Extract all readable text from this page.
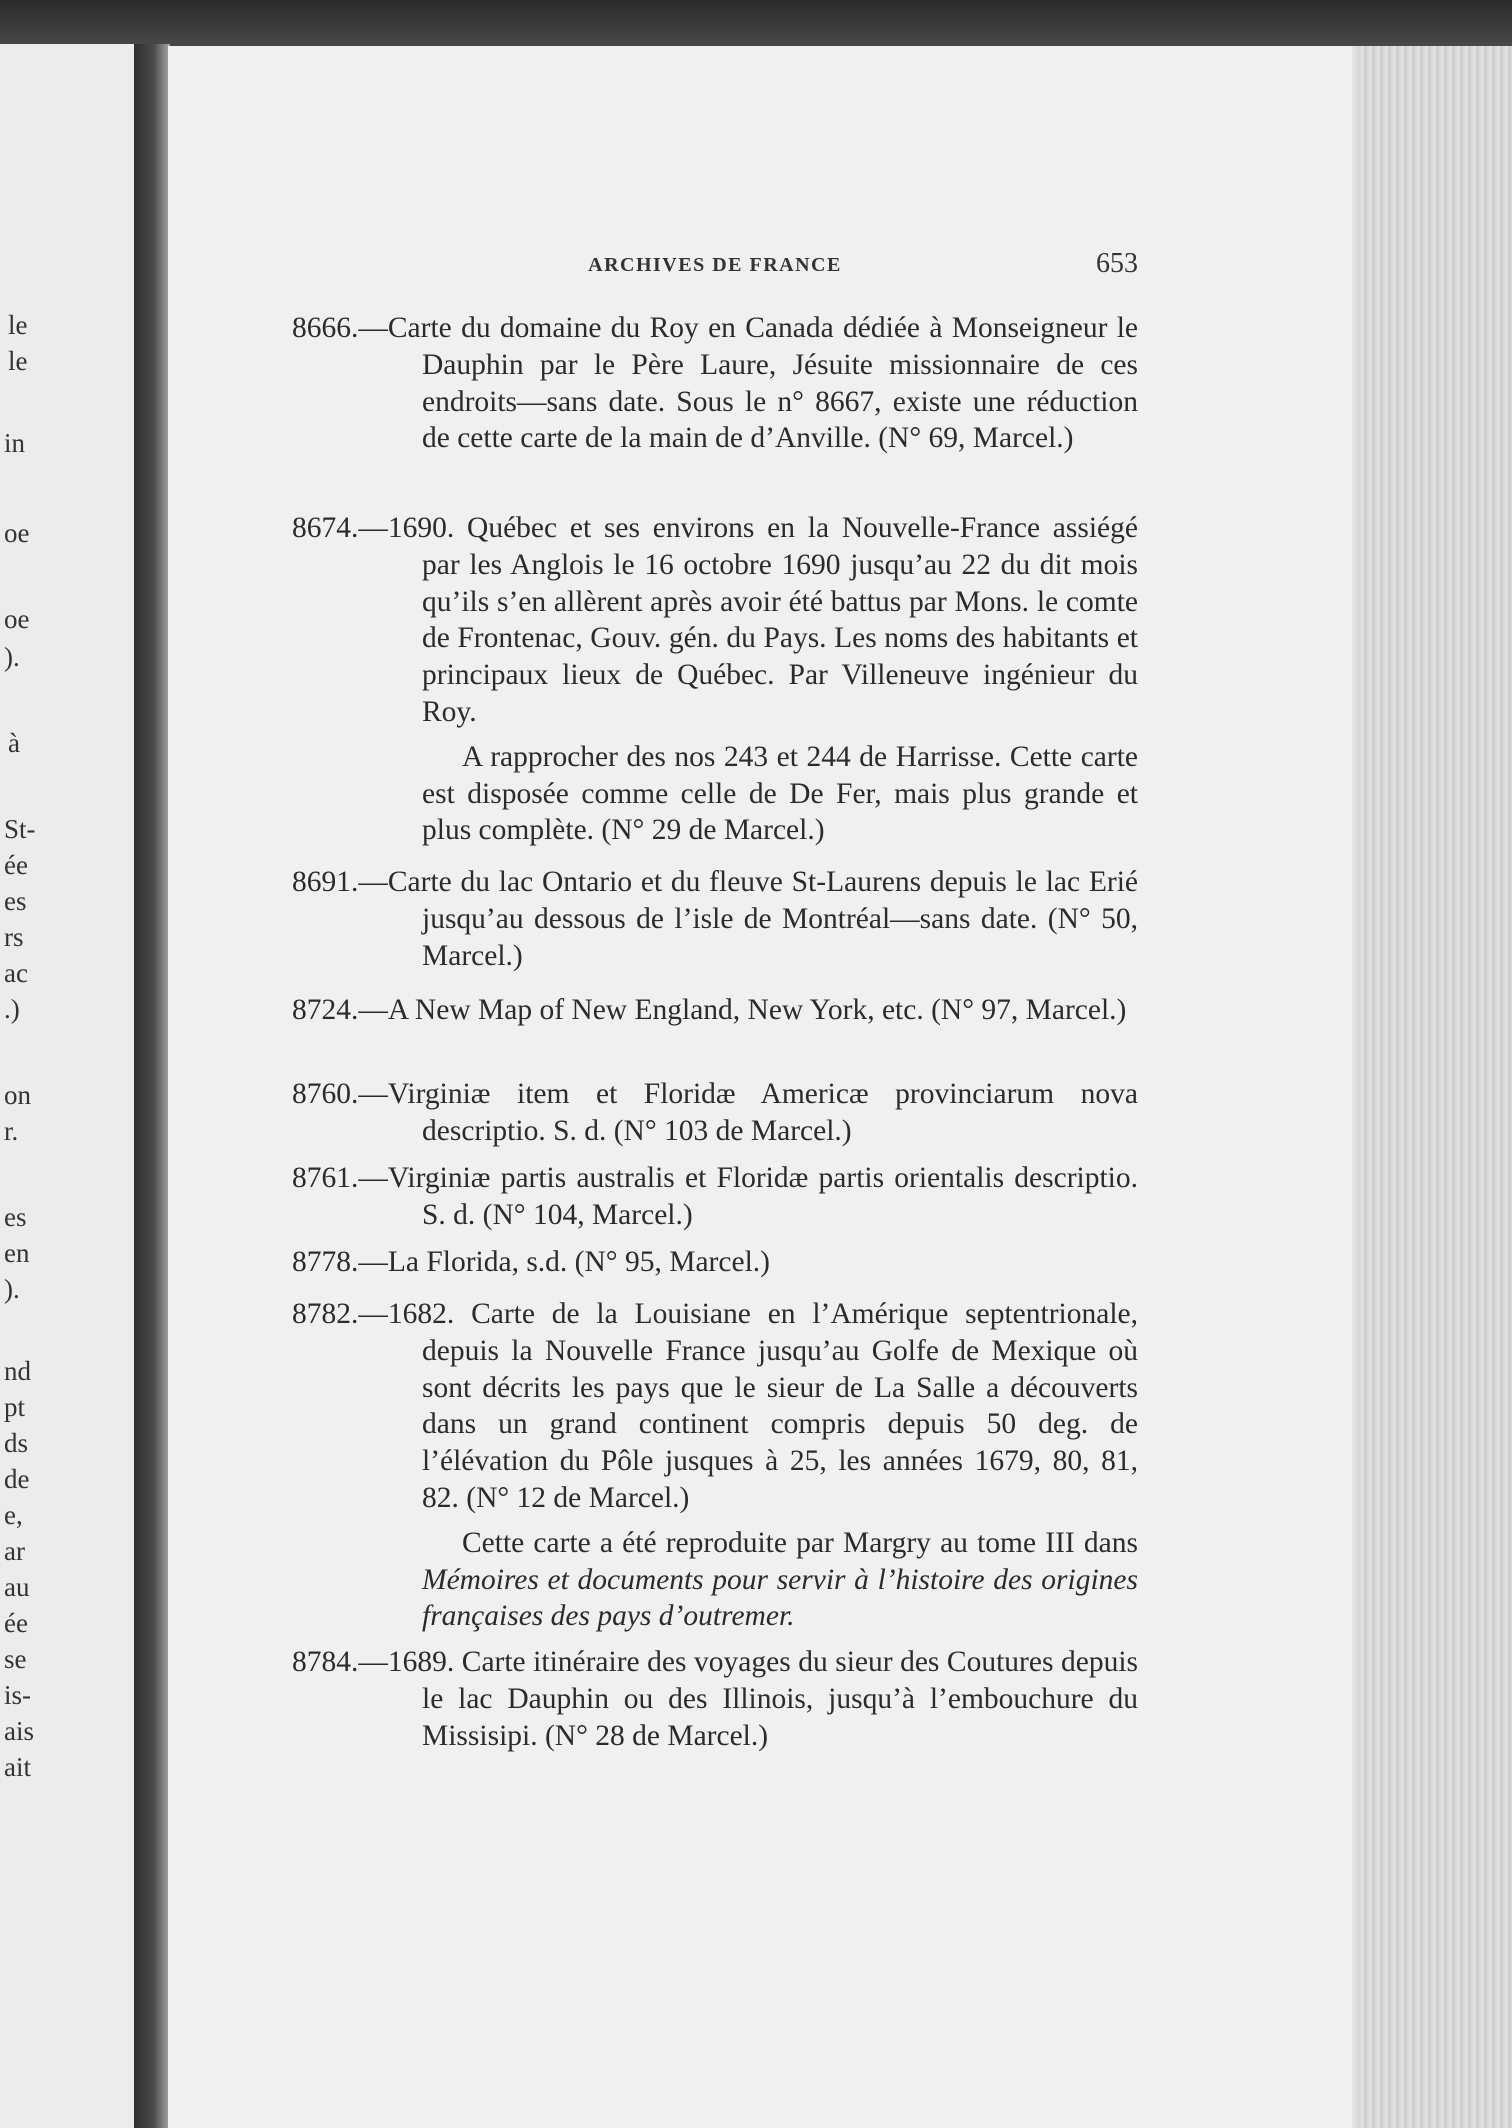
le
le
in
oe
oe
).
à
St-
ée
es
rs
ac
.)
on
r.
es
en
).
nd
pt
ds
de
e,
ar
au
ée
se
is-
ais
ait
ARCHIVES DE FRANCE	653

8666.—Carte du domaine du Roy en Canada dédiée à Monseigneur le Dauphin par le Père Laure, Jésuite missionnaire de ces endroits—sans date. Sous le n° 8667, existe une réduction de cette carte de la main de d’Anville. (N° 69, Marcel.)

8674.—1690. Québec et ses environs en la Nouvelle-France assiégé par les Anglois le 16 octobre 1690 jusqu’au 22 du dit mois qu’ils s’en allèrent après avoir été battus par Mons. le comte de Frontenac, Gouv. gén. du Pays. Les noms des habitants et principaux lieux de Québec. Par Villeneuve ingénieur du Roy.

A rapprocher des nos 243 et 244 de Harrisse. Cette carte est disposée comme celle de De Fer, mais plus grande et plus complète. (N° 29 de Marcel.)

8691.—Carte du lac Ontario et du fleuve St-Laurens depuis le lac Erié jusqu’au dessous de l’isle de Montréal—sans date. (N° 50, Marcel.)

8724.—A New Map of New England, New York, etc. (N° 97, Marcel.)

8760.—Virginiæ item et Floridæ Americæ provinciarum nova descriptio. S. d. (N° 103 de Marcel.)

8761.—Virginiæ partis australis et Floridæ partis orientalis descriptio. S. d. (N° 104, Marcel.)

8778.—La Florida, s.d. (N° 95, Marcel.)

8782.—1682. Carte de la Louisiane en l’Amérique septentrionale, depuis la Nouvelle France jusqu’au Golfe de Mexique où sont décrits les pays que le sieur de La Salle a découverts dans un grand continent compris depuis 50 deg. de l’élévation du Pôle jusques à 25, les années 1679, 80, 81, 82. (N° 12 de Marcel.)

Cette carte a été reproduite par Margry au tome III dans Mémoires et documents pour servir à l’histoire des origines françaises des pays d’outremer.

8784.—1689. Carte itinéraire des voyages du sieur des Coutures depuis le lac Dauphin ou des Illinois, jusqu’à l’embouchure du Missisipi. (N° 28 de Marcel.)
